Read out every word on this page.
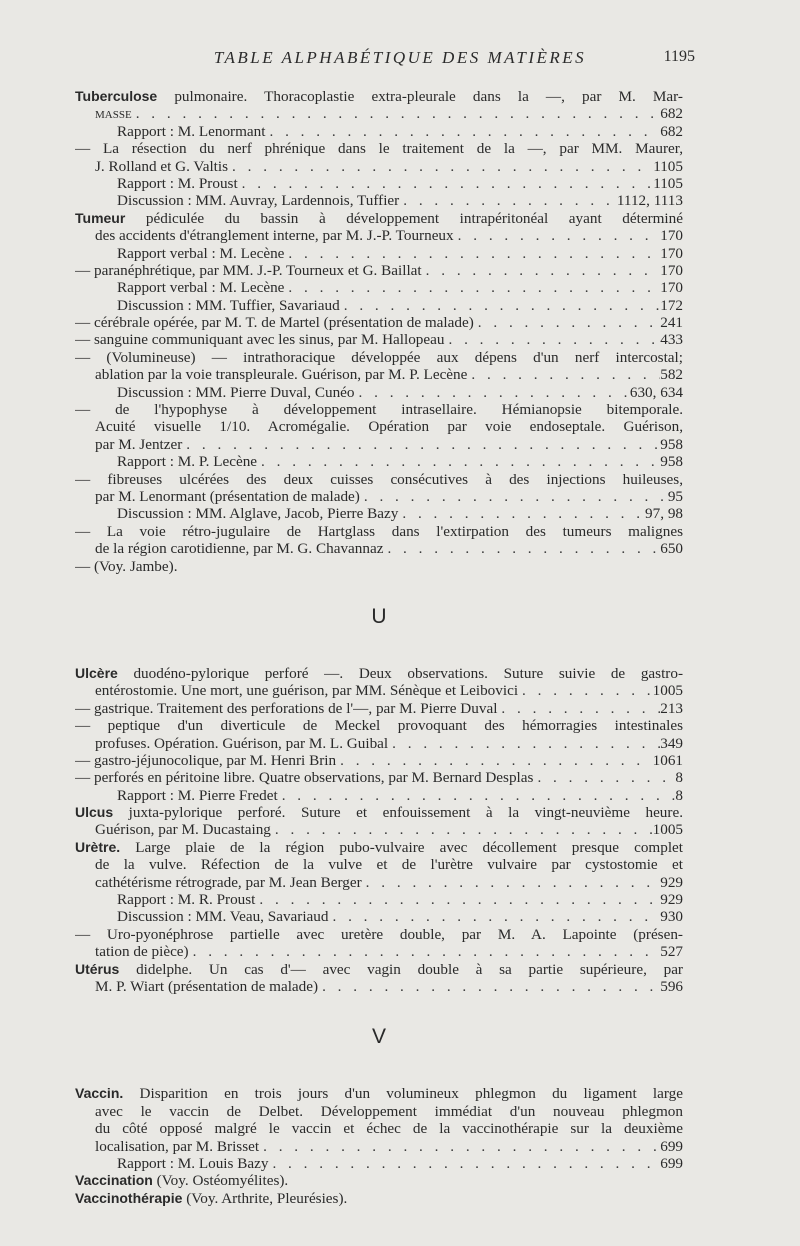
TABLE ALPHABÉTIQUE DES MATIÈRES	1195
Tuberculose pulmonaire. Thoracoplastie extra-pleurale dans la —, par M. Mar-
masse . . .	682
Rapport : M. Lenormant . . .	682
— La résection du nerf phrénique dans le traitement de la —, par MM. Maurer,
J. Rolland et G. Valtis . . .	1105
Rapport : M. Proust . . .	1105
Discussion : MM. Auvray, Lardennois, Tuffier . . .	1112, 1113
Tumeur pédiculée du bassin à développement intrapéritonéal ayant déterminé
des accidents d'étranglement interne, par M. J.-P. Tourneux . . .	170
Rapport verbal : M. Lecène . . .	170
— paranéphrétique, par MM. J.-P. Tourneux et G. Baillat . . .	170
Rapport verbal : M. Lecène . . .	170
Discussion : MM. Tuffier, Savariaud . . .	172
— cérébrale opérée, par M. T. de Martel (présentation de malade) . . .	241
— sanguine communiquant avec les sinus, par M. Hallopeau . . .	433
— (Volumineuse) — intrathoracique développée aux dépens d'un nerf intercostal;
ablation par la voie transpleurale. Guérison, par M. P. Lecène . . .	582
Discussion : MM. Pierre Duval, Cunéo . . .	630, 634
— de l'hypophyse à développement intrasellaire. Hémianopsie bitemporale.
Acuité visuelle 1/10. Acromégalie. Opération par voie endoseptale. Guérison,
par M. Jentzer . . .	958
Rapport : M. P. Lecène . . .	958
— fibreuses ulcérées des deux cuisses consécutives à des injections huileuses,
par M. Lenormant (présentation de malade) . . .	95
Discussion : MM. Alglave, Jacob, Pierre Bazy . . .	97, 98
— La voie rétro-jugulaire de Hartglass dans l'extirpation des tumeurs malignes
de la région carotidienne, par M. G. Chavannaz . . .	650
— (Voy. Jambe).
U
Ulcère duodéno-pylorique perforé —. Deux observations. Suture suivie de gastro-
entérostomie. Une mort, une guérison, par MM. Sénèque et Leibovici . . .	1005
— gastrique. Traitement des perforations de l'—, par M. Pierre Duval . . .	213
— peptique d'un diverticule de Meckel provoquant des hémorragies intestinales
profuses. Opération. Guérison, par M. L. Guibal . . .	349
— gastro-jéjunocolique, par M. Henri Brin . . .	1061
— perforés en péritoine libre. Quatre observations, par M. Bernard Desplas . . .	8
Rapport : M. Pierre Fredet . . .	8
Ulcus juxta-pylorique perforé. Suture et enfouissement à la vingt-neuvième heure.
Guérison, par M. Ducastaing . . .	1005
Urètre. Large plaie de la région pubo-vulvaire avec décollement presque complet
de la vulve. Réfection de la vulve et de l'urètre vulvaire par cystostomie et
cathétérisme rétrograde, par M. Jean Berger . . .	929
Rapport : M. R. Proust . . .	929
Discussion : MM. Veau, Savariaud . . .	930
— Uro-pyonéphrose partielle avec uretère double, par M. A. Lapointe (présen-
tation de pièce) . . .	527
Utérus didelphe. Un cas d'— avec vagin double à sa partie supérieure, par
M. P. Wiart (présentation de malade) . . .	596
V
Vaccin. Disparition en trois jours d'un volumineux phlegmon du ligament large
avec le vaccin de Delbet. Développement immédiat d'un nouveau phlegmon
du côté opposé malgré le vaccin et échec de la vaccinothérapie sur la deuxième
localisation, par M. Brisset . . .	699
Rapport : M. Louis Bazy . . .	699
Vaccination (Voy. Ostéomyélites).
Vaccinothérapie (Voy. Arthrite, Pleurésies).
